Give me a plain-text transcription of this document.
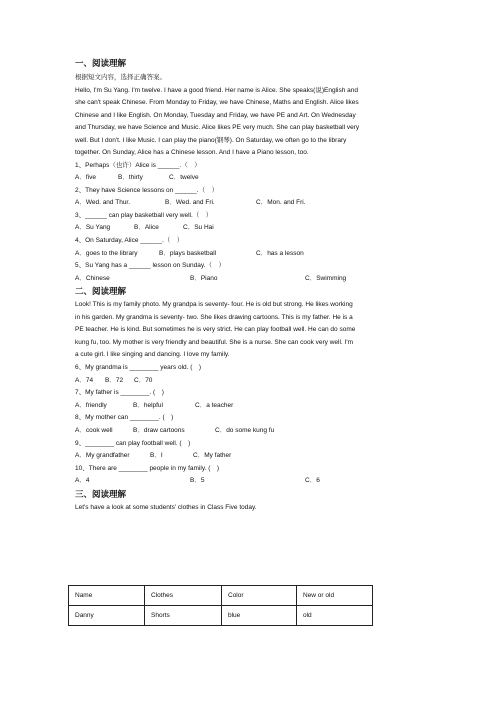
一、阅读理解

根据短文内容，选择正确答案。

Hello, I'm Su Yang. I'm twelve. I have a good friend. Her name is Alice. She speaks(说)English and

she can't speak Chinese. From Monday to Friday, we have Chinese, Maths and English. Alice likes

Chinese and I like English. On Monday, Tuesday and Friday, we have PE and Art. On Wednesday

and Thursday, we have Science and Music. Alice likes PE very much. She can play basketball very

well. But I don't. I like Music. I can play the piano(钢琴). On Saturday, we often go to the library

together. On Sunday, Alice has a Chinese lesson. And I have a Piano lesson, too.

1、Perhaps（也许）Alice is ______.（　）

A．five	B．thirty	C．twelve

2、They have Science lessons on ______.（　）

A．Wed. and Thur.	B．Wed. and Fri.	C．Mon. and Fri.

3、______ can play basketball very well.（　）

A．Su Yang	B．Alice	C．Su Hai

4、On Saturday, Alice ______.（　）

A．goes to the library	B．plays basketball	C．has a lesson

5、Su Yang has a ______ lesson on Sunday.（　）

A．Chinese	B．Piano	C．Swimming

二、阅读理解

Look! This is my family photo. My grandpa is seventy- four. He is old but strong. He likes working

in his garden. My grandma is seventy- two. She likes drawing cartoons. This is my father. He is a

PE teacher. He is kind. But sometimes he is very strict. He can play football well. He can do some

kung fu, too. My mother is very friendly and beautiful. She is a nurse. She can cook very well. I'm

a cute girl. I like singing and dancing. I love my family.

6、My grandma is ________ years old. (　)

A．74 B．72 C．70

7、My father is ________. (　)

A．friendly	B．helpful	C．a teacher

8、My mother can ________. (　)

A．cook well	B．draw cartoons	C．do some kung fu

9、________ can play football well. (　)

A．My grandfather	B．I	C．My father

10、There are ________ people in my family. (　)

A．4	B．5	C．6

三、阅读理解

Let's have a look at some students' clothes in Class Five today.

Name	Clothes	Color	New or old
Danny	Shorts	blue	old
